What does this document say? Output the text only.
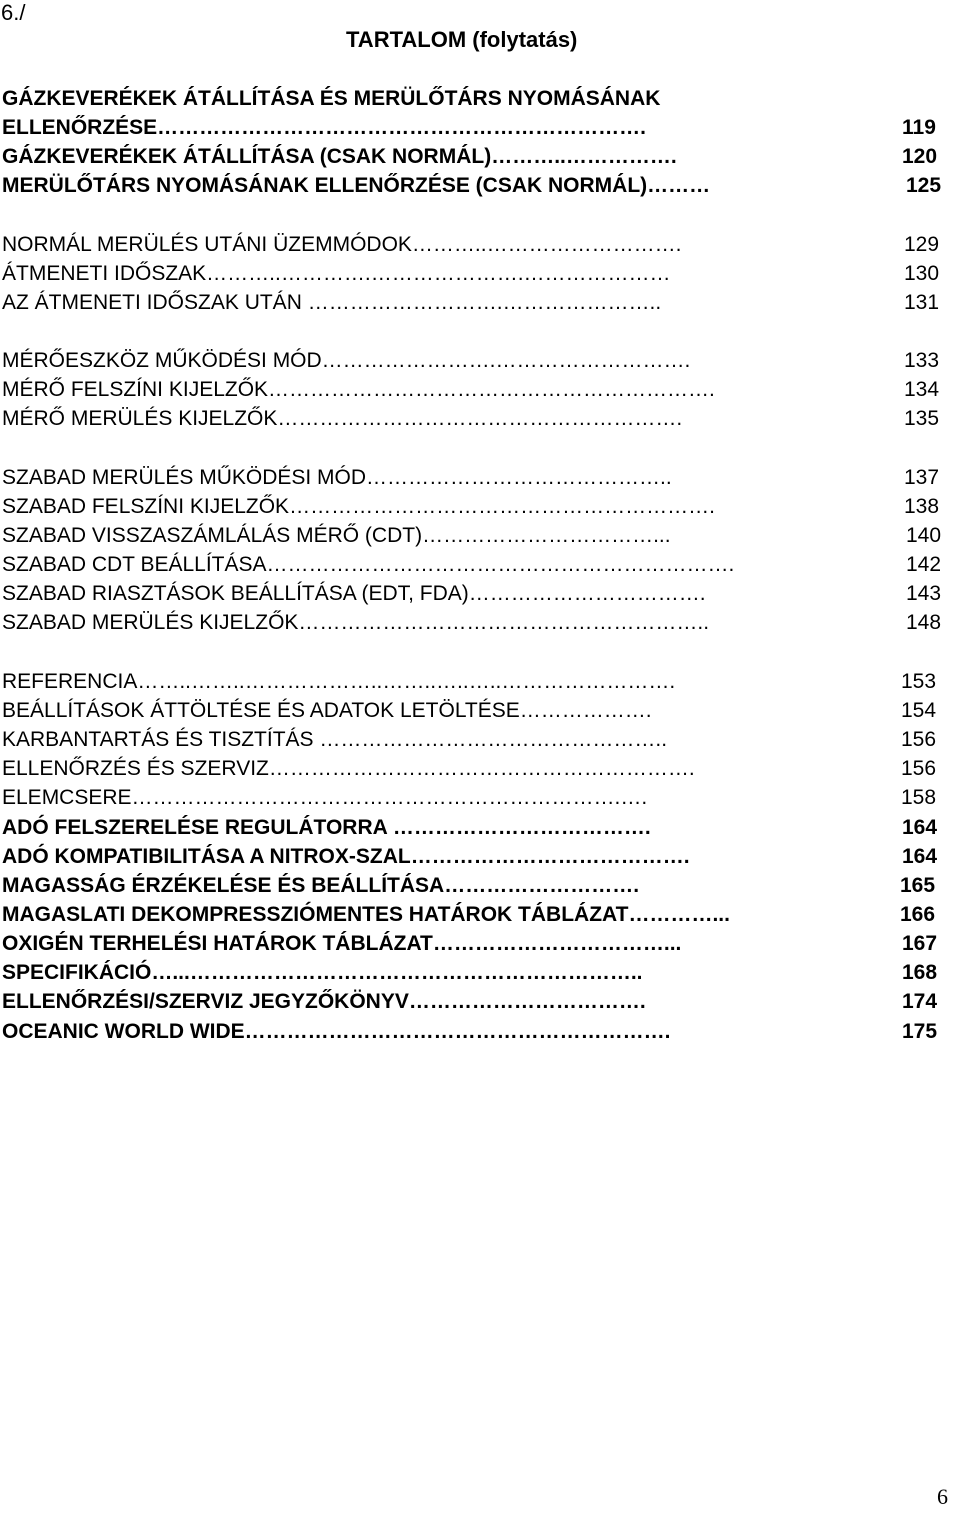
6./
TARTALOM (folytatás)
GÁZKEVERÉKEK ÁTÁLLÍTÁSA ÉS MERÜLŐTÁRS NYOMÁSÁNAK
ELLENŐRZÉSE…………………………………………………………….	119
GÁZKEVERÉKEK ÁTÁLLÍTÁSA (CSAK NORMÁL)………..…………….	120
MERÜLŐTÁRS NYOMÁSÁNAK ELLENŐRZÉSE (CSAK NORMÁL)………	125
NORMÁL MERÜLÉS UTÁNI ÜZEMMÓDOK………..……………………….	129
ÁTMENETI IDŐSZAK………..………….………………….…………………	130
AZ ÁTMENETI IDŐSZAK UTÁN ……………………….…………………..	131
MÉRŐESZKÖZ MŰKÖDÉSI MÓD…………………….……………………….	133
MÉRŐ FELSZÍNI KIJELZŐK……………………………………………………….	134
MÉRŐ MERÜLÉS KIJELZŐK………………………………………………….	135
SZABAD MERÜLÉS MŰKÖDÉSI MÓD……………………………………..	137
SZABAD FELSZÍNI KIJELZŐK…………………………………………………….	138
SZABAD VISSZASZÁMLÁLÁS MÉRŐ (CDT)……………………………...	140
SZABAD CDT BEÁLLÍTÁSA………………………………………………………….	142
SZABAD RIASZTÁSOK BEÁLLÍTÁSA (EDT, FDA)…………………………….	143
SZABAD MERÜLÉS KIJELZŐK…………………………………………………..	148
REFERENCIA……..……..………………..……..…..…..…………………….	153
BEÁLLÍTÁSOK ÁTTÖLTÉSE ÉS ADATOK LETÖLTÉSE……………….	154
KARBANTARTÁS ÉS TISZTÍTÁS …………………………………………..	156
ELLENŐRZÉS ÉS SZERVIZ…………………………………………………….	156
ELEMCSERE…………………………………………………………….….	158
ADÓ FELSZERELÉSE REGULÁTORRA ……………………………….	164
ADÓ KOMPATIBILITÁSA A NITROX-SZAL………………………………….	164
MAGASSÁG ÉRZÉKELÉSE ÉS BEÁLLÍTÁSA……………………….	165
MAGASLATI DEKOMPRESSZIÓMENTES HATÁROK TÁBLÁZAT…………...	166
OXIGÉN TERHELÉSI HATÁROK TÁBLÁZAT……………………………...	167
SPECIFIKÁCIÓ…...………………………………………………………..	168
ELLENŐRZÉSI/SZERVIZ JEGYZŐKÖNYV…………………………….	174
OCEANIC WORLD WIDE…………………………………………………….	175
6
